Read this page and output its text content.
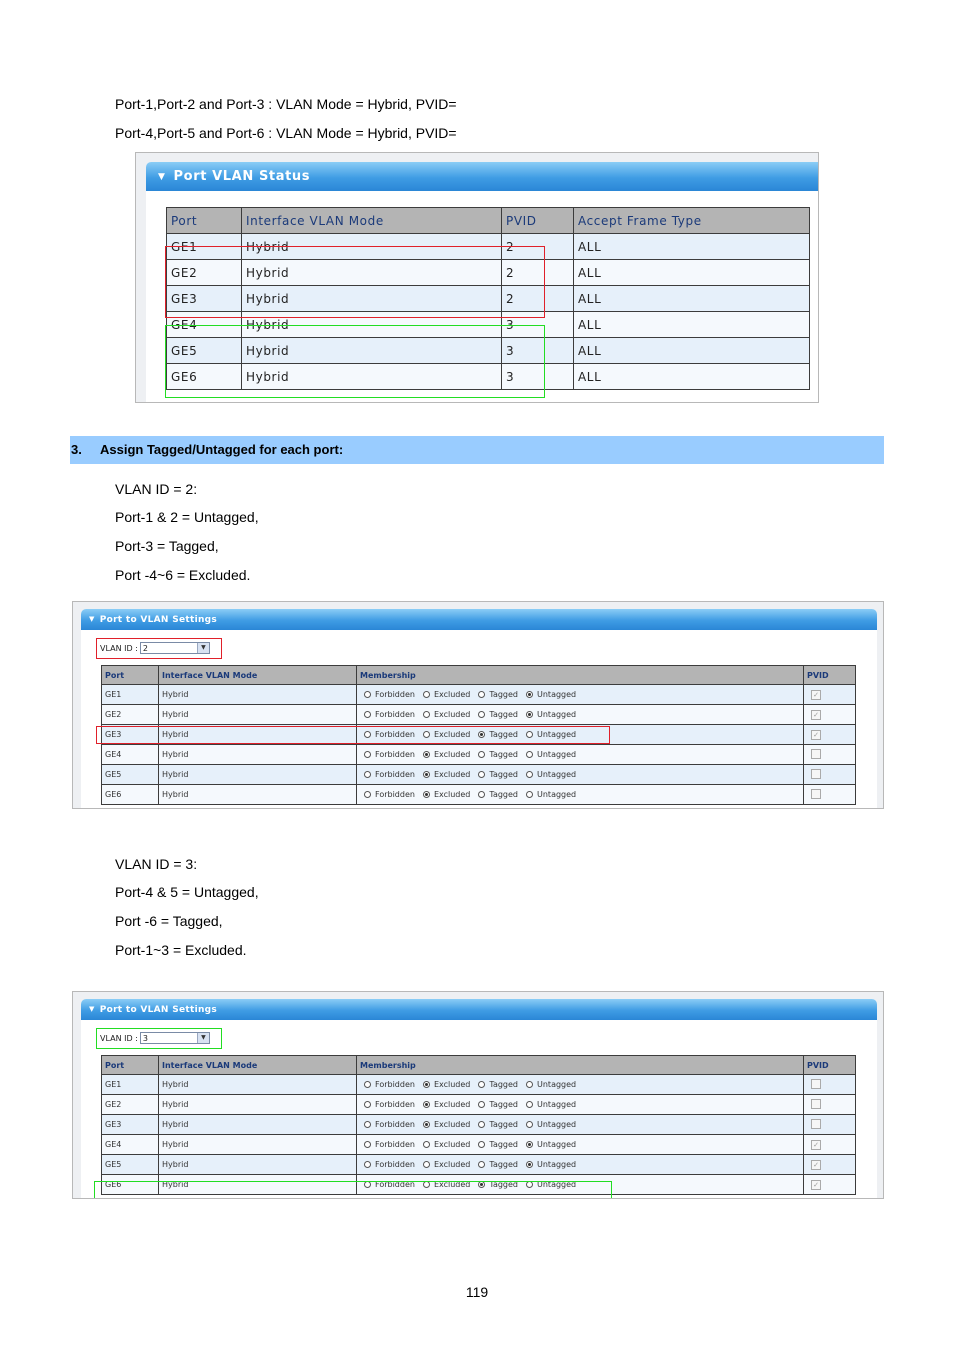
Port-1,Port-2 and Port-3 : VLAN Mode = Hybrid, PVID=
Port-4,Port-5 and Port-6 : VLAN Mode = Hybrid, PVID=
▼ Port VLAN Status
Port	Interface VLAN Mode	PVID	Accept Frame Type
GE1	Hybrid	2	ALL
GE2	Hybrid	2	ALL
GE3	Hybrid	2	ALL
GE4	Hybrid	3	ALL
GE5	Hybrid	3	ALL
GE6	Hybrid	3	ALL
3. Assign Tagged/Untagged for each port:
VLAN ID = 2:
Port-1 & 2 = Untagged,
Port-3 = Tagged,
Port -4~6 = Excluded.
▼ Port to VLAN Settings
VLAN ID : 2	▼
Port	Interface VLAN Mode	Membership	PVID
GE1	Hybrid	Forbidden Excluded Tagged Untagged	✓
GE2	Hybrid	Forbidden Excluded Tagged Untagged	✓
GE3	Hybrid	Forbidden Excluded Tagged Untagged	✓
GE4	Hybrid	Forbidden Excluded Tagged Untagged	
GE5	Hybrid	Forbidden Excluded Tagged Untagged	
GE6	Hybrid	Forbidden Excluded Tagged Untagged	
VLAN ID = 3:
Port-4 & 5 = Untagged,
Port -6 = Tagged,
Port-1~3 = Excluded.
▼ Port to VLAN Settings
VLAN ID : 3	▼
Port	Interface VLAN Mode	Membership	PVID
GE1	Hybrid	Forbidden Excluded Tagged Untagged	
GE2	Hybrid	Forbidden Excluded Tagged Untagged	
GE3	Hybrid	Forbidden Excluded Tagged Untagged	
GE4	Hybrid	Forbidden Excluded Tagged Untagged	✓
GE5	Hybrid	Forbidden Excluded Tagged Untagged	✓
GE6	Hybrid	Forbidden Excluded Tagged Untagged	✓
119
